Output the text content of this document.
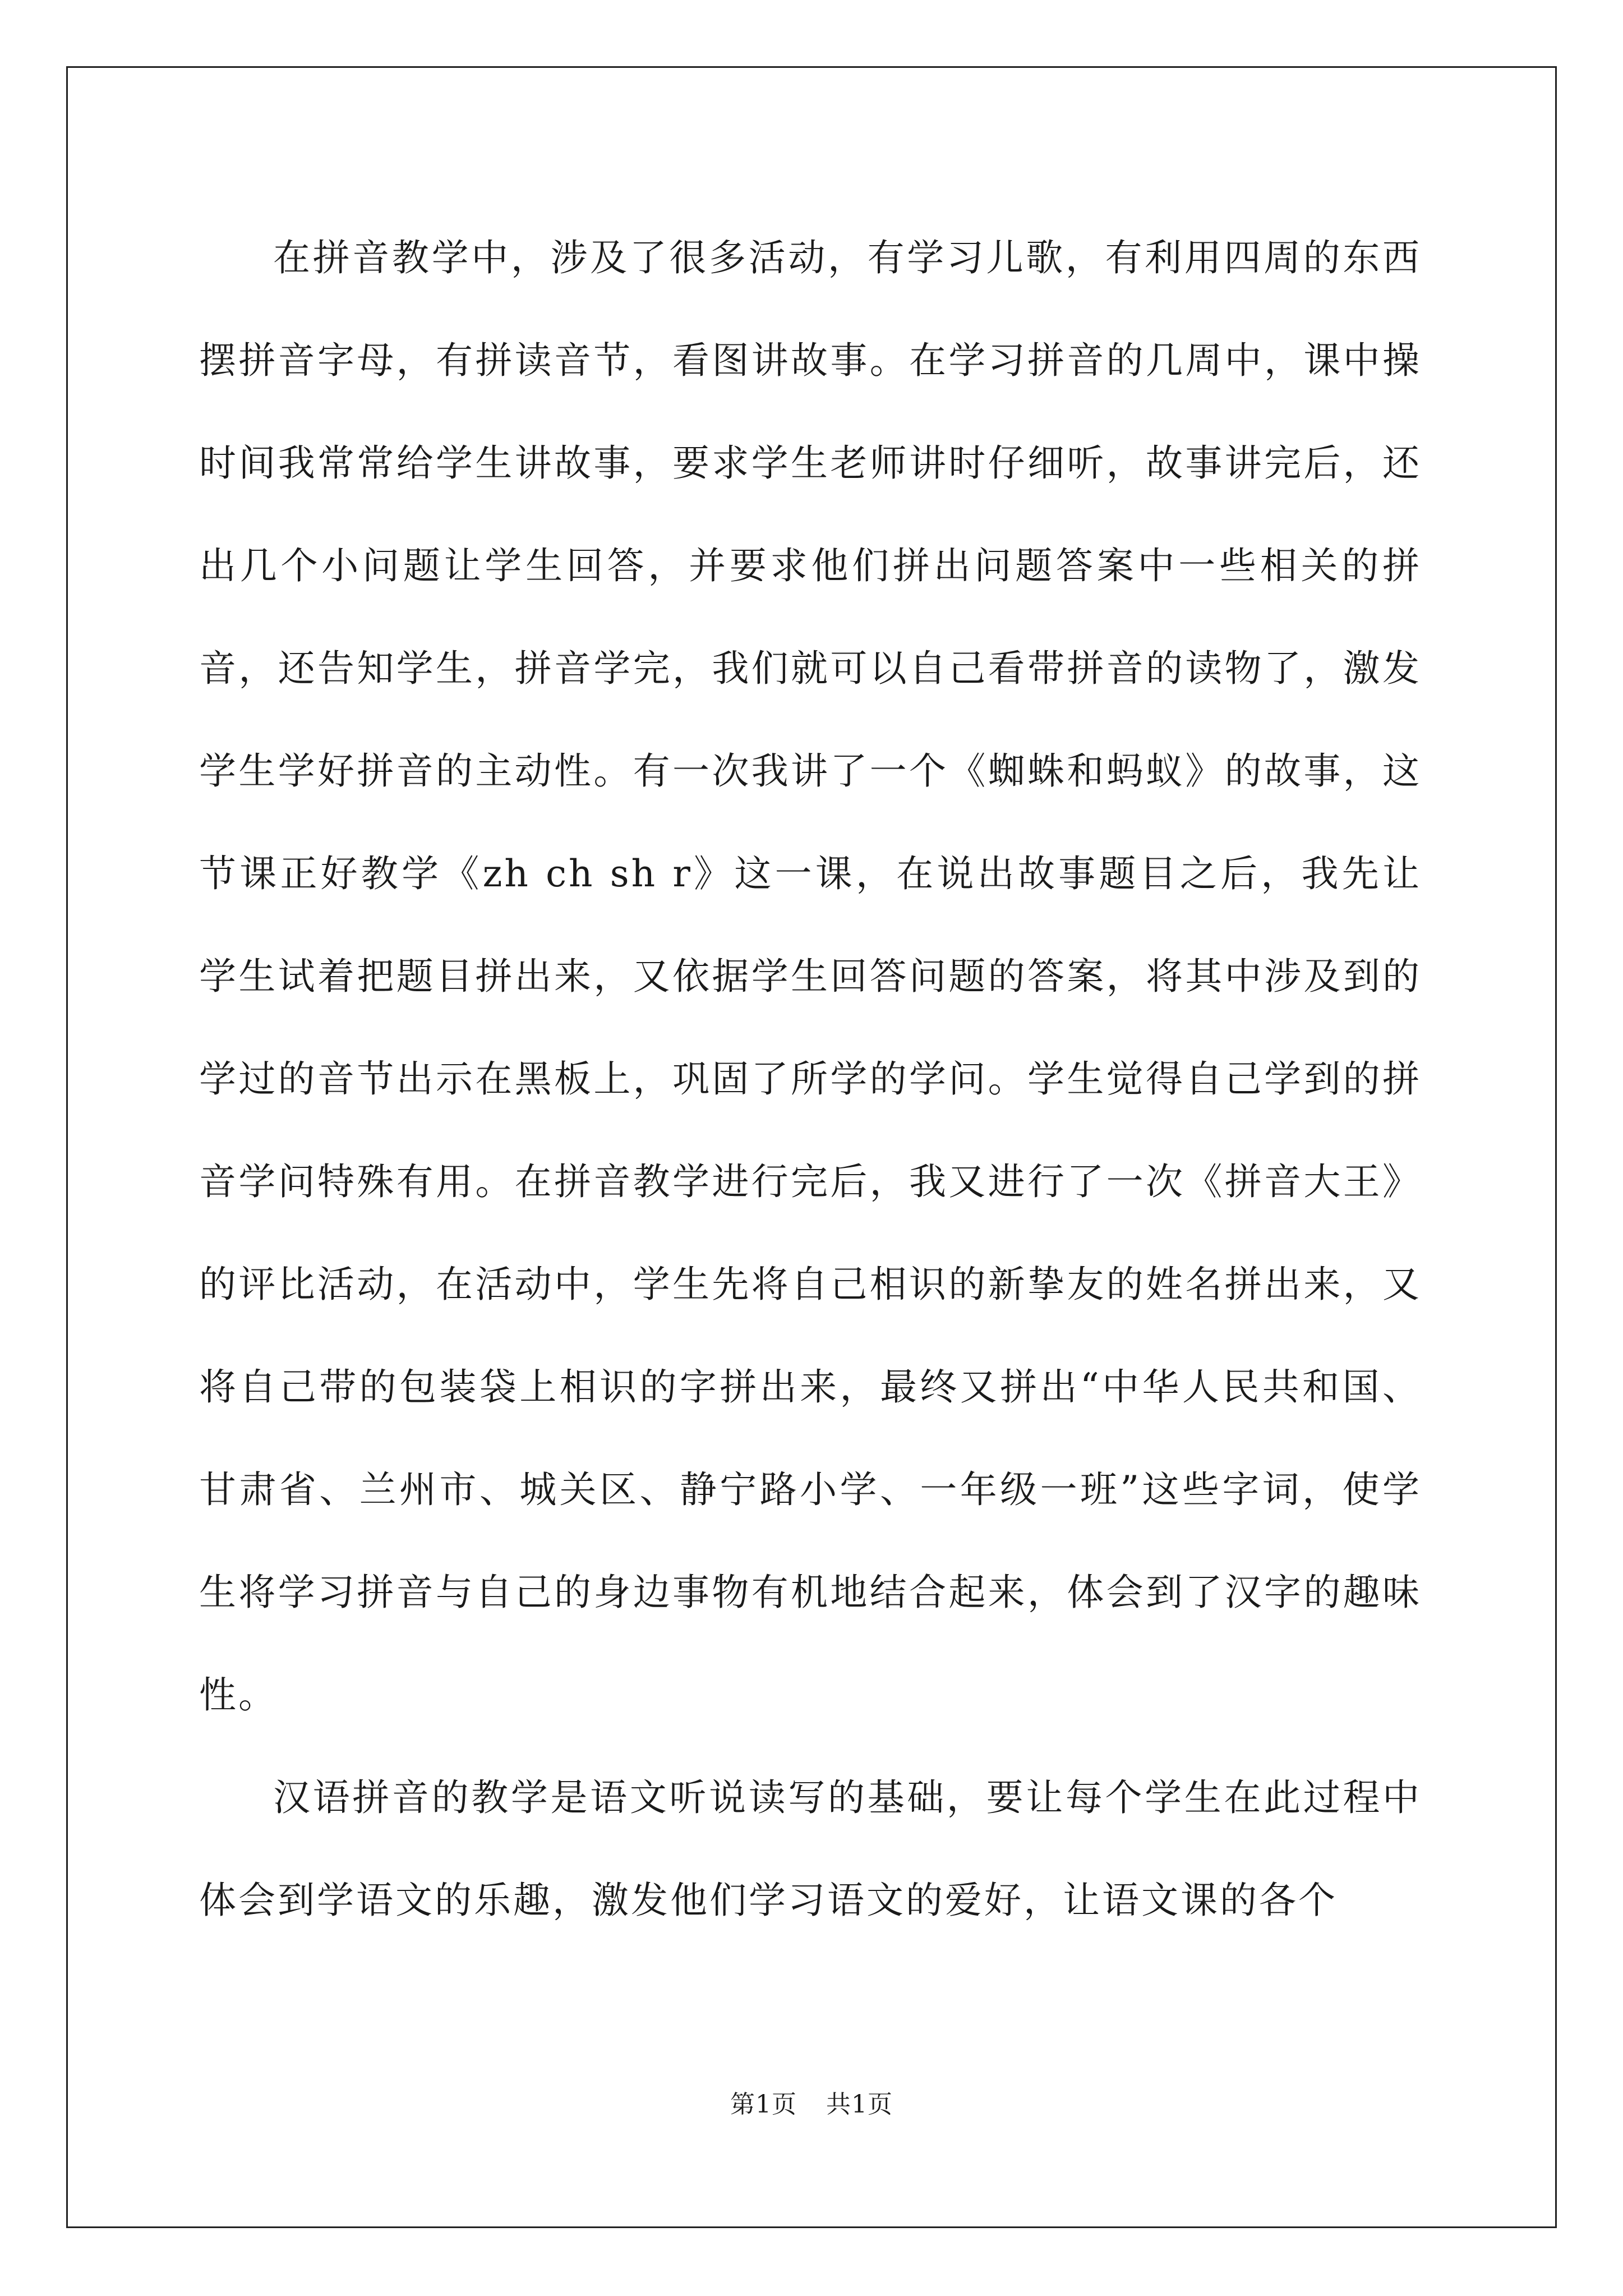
在拼音教学中，涉及了很多活动，有学习儿歌，有利用四周的东西摆拼音字母，有拼读音节，看图讲故事。在学习拼音的几周中，课中操时间我常常给学生讲故事，要求学生老师讲时仔细听，故事讲完后，还出几个小问题让学生回答，并要求他们拼出问题答案中一些相关的拼音，还告知学生，拼音学完，我们就可以自己看带拼音的读物了，激发学生学好拼音的主动性。有一次我讲了一个《蜘蛛和蚂蚁》的故事，这节课正好教学《zh ch sh r》这一课，在说出故事题目之后，我先让学生试着把题目拼出来，又依据学生回答问题的答案，将其中涉及到的学过的音节出示在黑板上，巩固了所学的学问。学生觉得自己学到的拼音学问特殊有用。在拼音教学进行完后，我又进行了一次《拼音大王》的评比活动，在活动中，学生先将自己相识的新挚友的姓名拼出来，又将自己带的包装袋上相识的字拼出来，最终又拼出“中华人民共和国、甘肃省、兰州市、城关区、静宁路小学、一年级一班”这些字词，使学生将学习拼音与自己的身边事物有机地结合起来，体会到了汉字的趣味性。

汉语拼音的教学是语文听说读写的基础，要让每个学生在此过程中体会到学语文的乐趣，激发他们学习语文的爱好，让语文课的各个

第1页 共1页
